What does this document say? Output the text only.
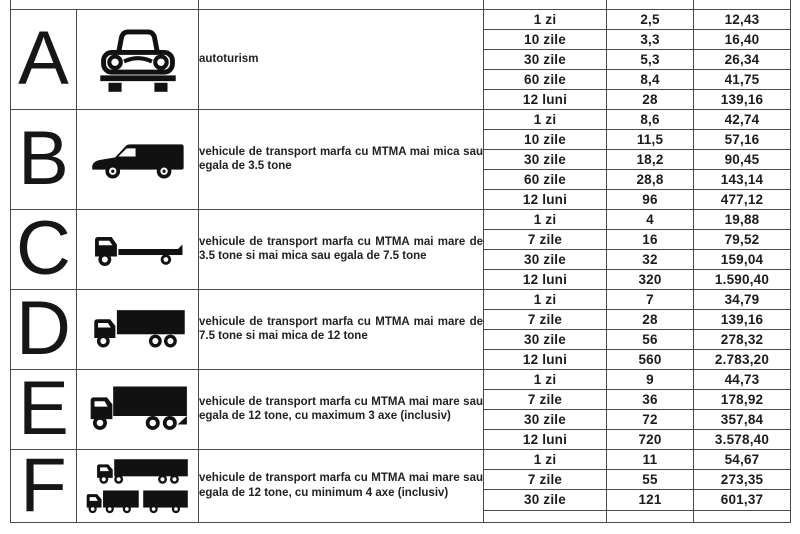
A		autoturism	1 zi	2,5	12,43
			10 zile	3,3	16,40
			30 zile	5,3	26,34
			60 zile	8,4	41,75
			12 luni	28	139,16
B		vehicule de transport marfa cu MTMA mai mica sau egala de 3.5 tone	1 zi	8,6	42,74
			10 zile	11,5	57,16
			30 zile	18,2	90,45
			60 zile	28,8	143,14
			12 luni	96	477,12
C		vehicule de transport marfa cu MTMA mai mare de 3.5 tone si mai mica sau egala de 7.5 tone	1 zi	4	19,88
			7 zile	16	79,52
			30 zile	32	159,04
			12 luni	320	1.590,40
D		vehicule de transport marfa cu MTMA mai mare de 7.5 tone si mai mica de 12 tone	1 zi	7	34,79
			7 zile	28	139,16
			30 zile	56	278,32
			12 luni	560	2.783,20
E		vehicule de transport marfa cu MTMA mai mare sau egala de 12 tone, cu maximum 3 axe (inclusiv)	1 zi	9	44,73
			7 zile	36	178,92
			30 zile	72	357,84
			12 luni	720	3.578,40
F		vehicule de transport marfa cu MTMA mai mare sau egala de 12 tone, cu minimum 4 axe (inclusiv)	1 zi	11	54,67
			7 zile	55	273,35
			30 zile	121	601,37
